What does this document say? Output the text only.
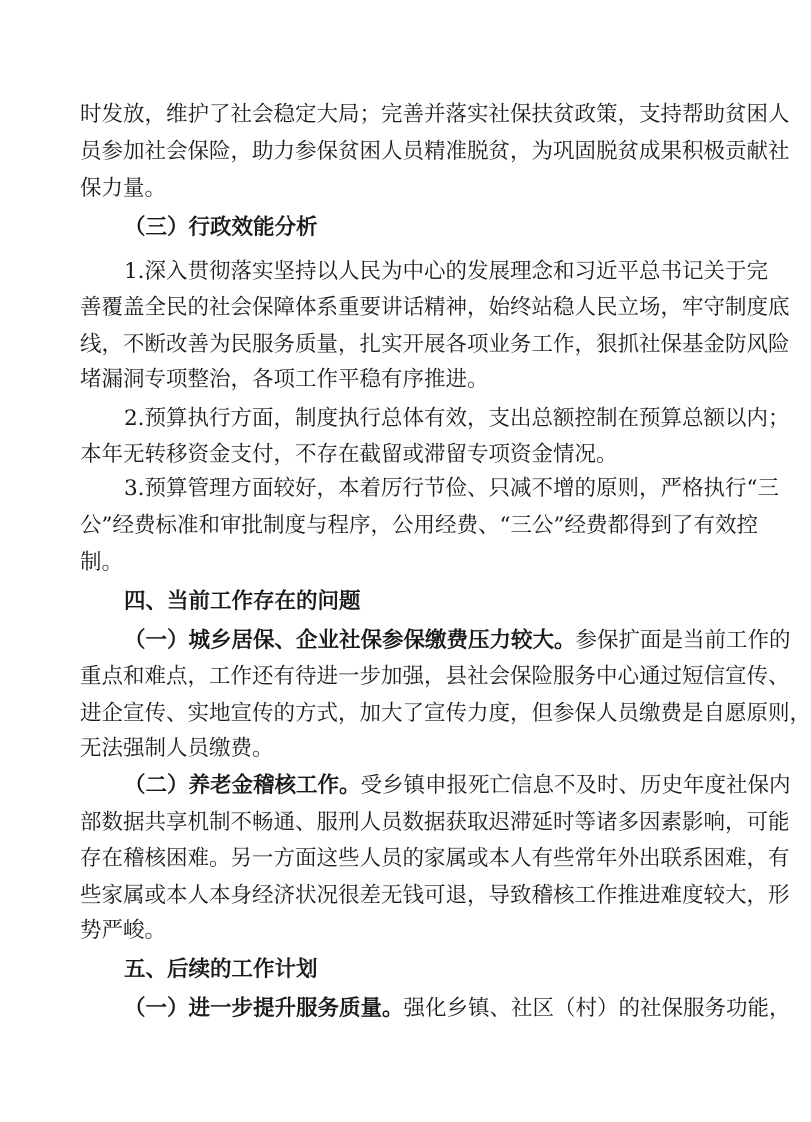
时发放，维护了社会稳定大局；完善并落实社保扶贫政策，支持帮助贫困人
员参加社会保险，助力参保贫困人员精准脱贫，为巩固脱贫成果积极贡献社
保力量。
（三）行政效能分析
1.深入贯彻落实坚持以人民为中心的发展理念和习近平总书记关于完
善覆盖全民的社会保障体系重要讲话精神，始终站稳人民立场，牢守制度底
线，不断改善为民服务质量，扎实开展各项业务工作，狠抓社保基金防风险
堵漏洞专项整治，各项工作平稳有序推进。
2.预算执行方面，制度执行总体有效，支出总额控制在预算总额以内；
本年无转移资金支付，不存在截留或滞留专项资金情况。
3.预算管理方面较好，本着厉行节俭、只减不增的原则，严格执行“三
公”经费标准和审批制度与程序，公用经费、“三公”经费都得到了有效控
制。
四、当前工作存在的问题
（一）城乡居保、企业社保参保缴费压力较大。 参保扩面是当前工作的
重点和难点，工作还有待进一步加强，县社会保险服务中心通过短信宣传、
进企宣传、实地宣传的方式，加大了宣传力度，但参保人员缴费是自愿原则，
无法强制人员缴费。
（二）养老金稽核工作。 受乡镇申报死亡信息不及时、历史年度社保内
部数据共享机制不畅通、服刑人员数据获取迟滞延时等诸多因素影响，可能
存在稽核困难。另一方面这些人员的家属或本人有些常年外出联系困难，有
些家属或本人本身经济状况很差无钱可退，导致稽核工作推进难度较大，形
势严峻。
五、后续的工作计划
（一）进一步提升服务质量。 强化乡镇、社区（村）的社保服务功能，
